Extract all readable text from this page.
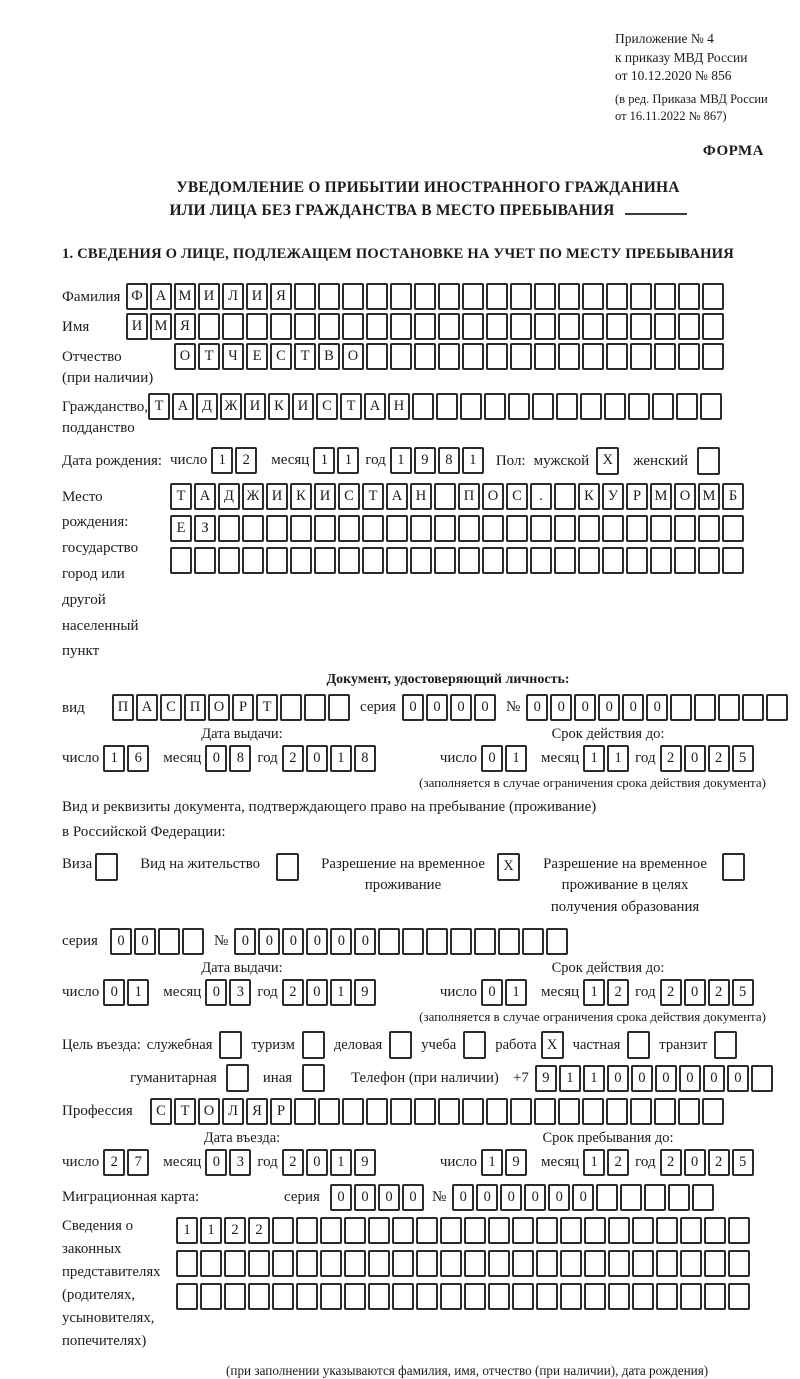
Приложение № 4
к приказу МВД России
от 10.12.2020 № 856
(в ред. Приказа МВД России
от 16.11.2022 № 867)
ФОРМА
УВЕДОМЛЕНИЕ О ПРИБЫТИИ ИНОСТРАННОГО ГРАЖДАНИНА
ИЛИ ЛИЦА БЕЗ ГРАЖДАНСТВА В МЕСТО ПРЕБЫВАНИЯ
1. СВЕДЕНИЯ О ЛИЦЕ, ПОДЛЕЖАЩЕМ ПОСТАНОВКЕ НА УЧЕТ ПО МЕСТУ ПРЕБЫВАНИЯ
Фамилия Ф А М И Л И Я
Имя	И М Я
Отчество
(при наличии)
О Т	Ч	Е	С	Т	В О
Гражданство,
подданство
Т А Д Ж И К И С	Т А Н
Дата рождения: число 1	2	месяц 1	1 год 1	9	8	1	Пол: мужской X	женский
Место рождения:
государство
город или другой
населенный пункт
Т А Д Ж И К И С	Т А Н	П О С	.	К У	Р М О М Б
Е	З
Документ, удостоверяющий личность:
вид	П А С П О	Р	Т	серия 0	0	0	0	№ 0	0	0	0	0	0
Дата выдачи:	Срок действия до:
число 1	6	месяц 0	8 год 2	0	1	8	число 0	1	месяц 1	1 год 2	0	2	5
(заполняется в случае ограничения срока действия документа)
Вид и реквизиты документа, подтверждающего право на пребывание (проживание)
в Российской Федерации:
Виза	Вид на жительство	Разрешение на временное проживание
X	Разрешение на временное проживание в целях получения образования
серия	0	0	№ 0	0	0	0	0	0
Дата выдачи:	Срок действия до:
число 0	1	месяц 0	3 год 2	0	1	9	число 0	1	месяц 1	2 год 2	0	2	5
(заполняется в случае ограничения срока действия документа)
Цель въезда: служебная	туризм	деловая	учеба	работа X	частная	транзит
гуманитарная	иная	Телефон (при наличии) +7 9	1	1	0	0	0	0	0	0
Профессия	С	Т О Л Я	Р
Дата въезда:	Срок пребывания до:
число 2	7	месяц 0	3 год 2	0	1	9	число 1	9	месяц 1	2 год 2	0	2	5
Миграционная карта:	серия	0	0	0	0	№ 0	0	0	0	0	0
Сведения о
законных
представителях
(родителях,
усыновителях,
попечителях)
1	1	2	2
(при заполнении указываются фамилия, имя, отчество (при наличии), дата рождения)
